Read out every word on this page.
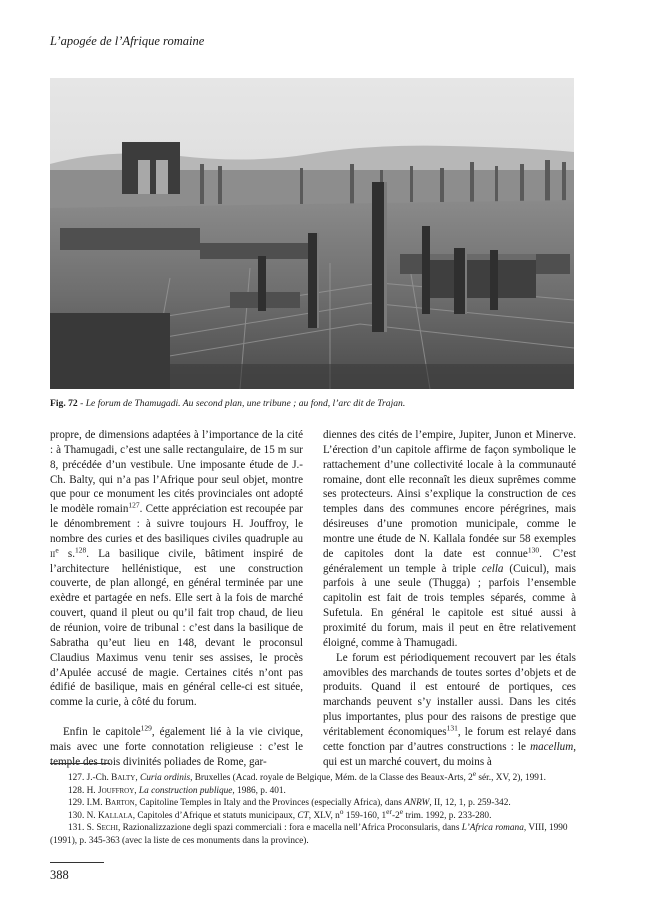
L’apogée de l’Afrique romaine
Fig. 72 - Le forum de Thamugadi. Au second plan, une tribune ; au fond, l’arc dit de Trajan.

propre, de dimensions adaptées à l’importance de la cité : à Thamugadi, c’est une salle rectangulaire, de 15 m sur 8, précédée d’un vestibule. Une imposante étude de J.-Ch. Balty, qui n’a pas l’Afrique pour seul objet, montre que pour ce monument les cités provinciales ont adopté le modèle romain$^{127}$. Cette appréciation est recoupée par le dénombrement : à suivre toujours H. Jouffroy, le nombre des curies et des basiliques civiles quadruple au $ii^e$ s.$^{128}$. La basilique civile, bâtiment inspiré de l’architecture hellénistique, est une construction couverte, de plan allongé, en général terminée par une exèdre et partagée en nefs. Elle sert à la fois de marché couvert, quand il pleut ou qu’il fait trop chaud, de lieu de réunion, voire de tribunal : c’est dans la basilique de Sabratha qu’eut lieu en 148, devant le proconsul Claudius Maximus venu tenir ses assises, le procès d’Apulée accusé de magie. Certaines cités n’ont pas édifié de basilique, mais en général celle-ci est située, comme la curie, à côté du forum.

Enfin le capitole$^{129}$, également lié à la vie civique, mais avec une forte connotation religieuse : c’est le temple des trois divinités poliades de Rome, gar-

diennes des cités de l’empire, Jupiter, Junon et Minerve. L’érection d’un capitole affirme de façon symbolique le rattachement d’une collectivité locale à la communauté romaine, dont elle reconnaît les dieux suprêmes comme ses protecteurs. Ainsi s’explique la construction de ces temples dans des communes encore pérégrines, mais désireuses d’une promotion municipale, comme le montre une étude de N. Kallala fondée sur 58 exemples de capitoles dont la date est connue$^{130}$. C’est généralement un temple à triple cella (Cuicul), mais parfois à une seule (Thugga) ; parfois l’ensemble capitolin est fait de trois temples séparés, comme à Sufetula. En général le capitole est situé aussi à proximité du forum, mais il peut en être relativement éloigné, comme à Thamugadi.

Le forum est périodiquement recouvert par les étals amovibles des marchands de toutes sortes d’objets et de produits. Quand il est entouré de portiques, ces marchands peuvent s’y installer aussi. Dans les cités plus importantes, plus pour des raisons de prestige que véritablement économiques$^{131}$, le forum est relayé dans cette fonction par d’autres constructions : le macellum, qui est un marché couvert, du moins à

127. J.-Ch. Balty, Curia ordinis, Bruxelles (Acad. royale de Belgique, Mém. de la Classe des Beaux-Arts, 2e sér., XV, 2), 1991.
128. H. Jouffroy, La construction publique, 1986, p. 401.
129. I.M. Barton, Capitoline Temples in Italy and the Provinces (especially Africa), dans ANRW, II, 12, 1, p. 259-342.
130. N. Kallala, Capitoles d’Afrique et statuts municipaux, CT, XLV, $n^o$ 159-160, 1er-2e trim. 1992, p. 233-280.
131. S. Sechi, Razionalizzazione degli spazi commerciali : fora e macella nell’Africa Proconsularis, dans L’Africa romana, VIII, 1990 (1991), p. 345-363 (avec la liste de ces monuments dans la province).
388
